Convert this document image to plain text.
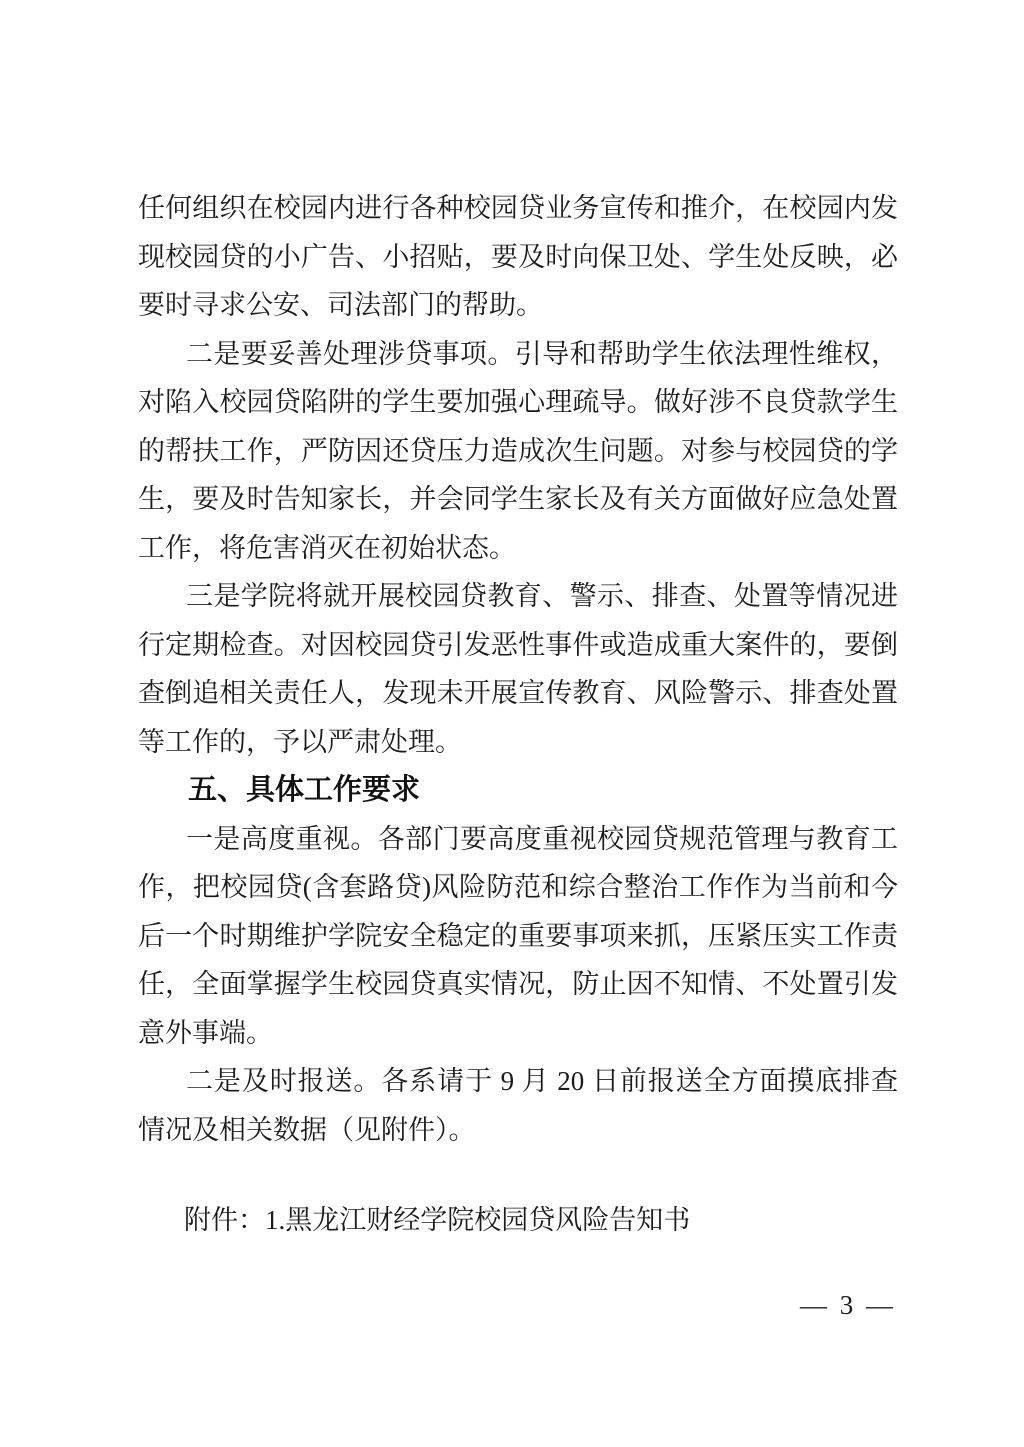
任何组织在校园内进行各种校园贷业务宣传和推介，在校园内发
现校园贷的小广告、小招贴，要及时向保卫处、学生处反映，必
要时寻求公安、司法部门的帮助。
二是要妥善处理涉贷事项。引导和帮助学生依法理性维权，
对陷入校园贷陷阱的学生要加强心理疏导。做好涉不良贷款学生
的帮扶工作，严防因还贷压力造成次生问题。对参与校园贷的学
生，要及时告知家长，并会同学生家长及有关方面做好应急处置
工作，将危害消灭在初始状态。
三是学院将就开展校园贷教育、警示、排查、处置等情况进
行定期检查。对因校园贷引发恶性事件或造成重大案件的，要倒
查倒追相关责任人，发现未开展宣传教育、风险警示、排查处置
等工作的，予以严肃处理。
五、具体工作要求
一是高度重视。各部门要高度重视校园贷规范管理与教育工
作，把校园贷(含套路贷)风险防范和综合整治工作作为当前和今
后一个时期维护学院安全稳定的重要事项来抓，压紧压实工作责
任，全面掌握学生校园贷真实情况，防止因不知情、不处置引发
意外事端。
二是及时报送。各系请于 9 月 20 日前报送全方面摸底排查
情况及相关数据（见附件）。
附件：1.黑龙江财经学院校园贷风险告知书
— 3 —
